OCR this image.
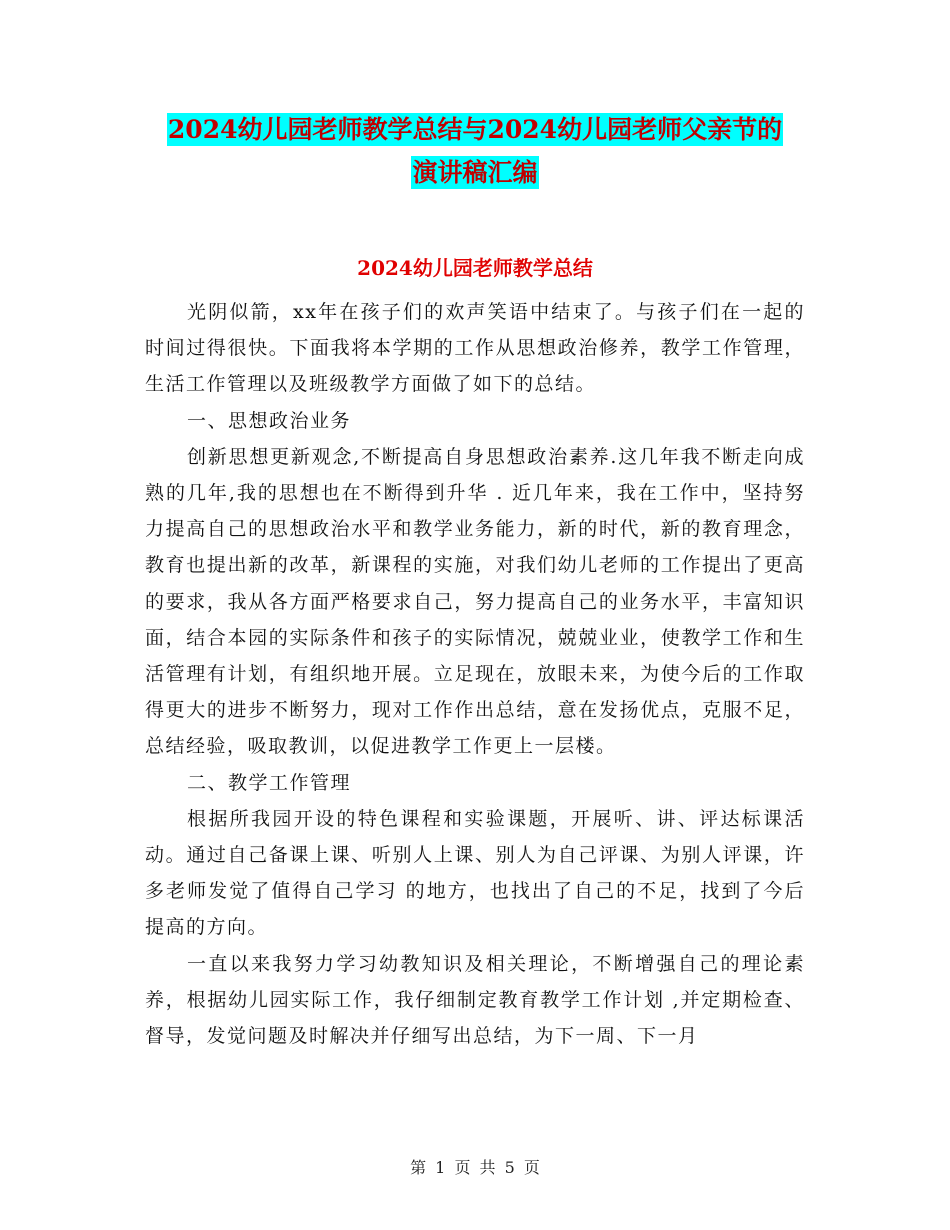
2024幼儿园老师教学总结与2024幼儿园老师父亲节的
演讲稿汇编
2024幼儿园老师教学总结

光阴似箭，xx年在孩子们的欢声笑语中结束了。与孩子们在一起的时间过得很快。下面我将本学期的工作从思想政治修养，教学工作管理，生活工作管理以及班级教学方面做了如下的总结。

一、思想政治业务

创新思想更新观念,不断提高自身思想政治素养.这几年我不断走向成熟的几年,我的思想也在不断得到升华 . 近几年来，我在工作中，坚持努力提高自己的思想政治水平和教学业务能力，新的时代，新的教育理念，教育也提出新的改革，新课程的实施，对我们幼儿老师的工作提出了更高的要求，我从各方面严格要求自己，努力提高自己的业务水平，丰富知识面，结合本园的实际条件和孩子的实际情况，兢兢业业，使教学工作和生活管理有计划，有组织地开展。立足现在，放眼未来，为使今后的工作取得更大的进步不断努力，现对工作作出总结，意在发扬优点，克服不足，总结经验，吸取教训，以促进教学工作更上一层楼。

二、教学工作管理

根据所我园开设的特色课程和实验课题，开展听、讲、评达标课活动。通过自己备课上课、听别人上课、别人为自己评课、为别人评课，许多老师发觉了值得自己学习 的地方，也找出了自己的不足，找到了今后提高的方向。

一直以来我努力学习幼教知识及相关理论，不断增强自己的理论素养，根据幼儿园实际工作，我仔细制定教育教学工作计划 ,并定期检查、督导，发觉问题及时解决并仔细写出总结，为下一周、下一月

第 1 页 共 5 页
